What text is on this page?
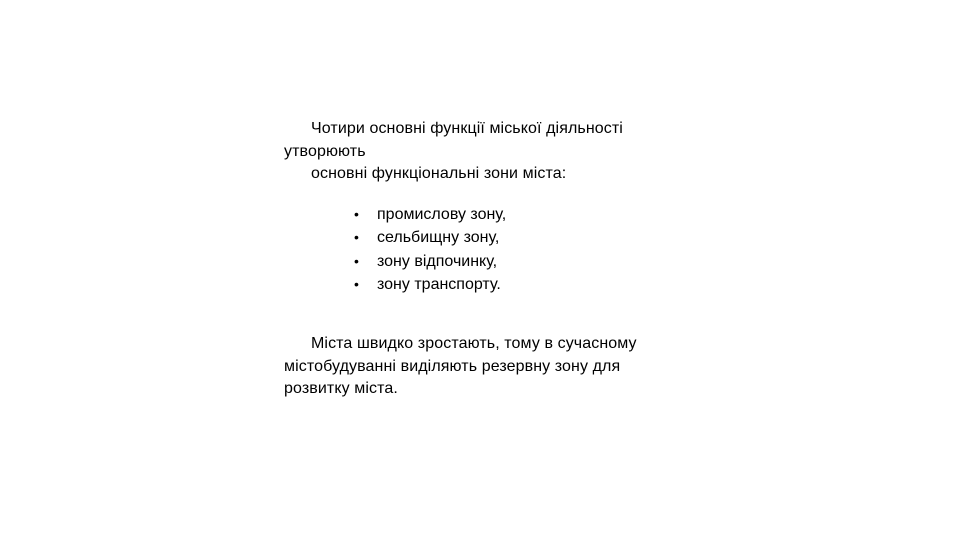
Чотири основні функції міської діяльності
утворюють
основні функціональні зони міста:
• промислову зону,
• сельбищну зону,
• зону відпочинку,
• зону транспорту.
Міста швидко зростають, тому в сучасному
містобудуванні виділяють резервну зону для
розвитку міста.
